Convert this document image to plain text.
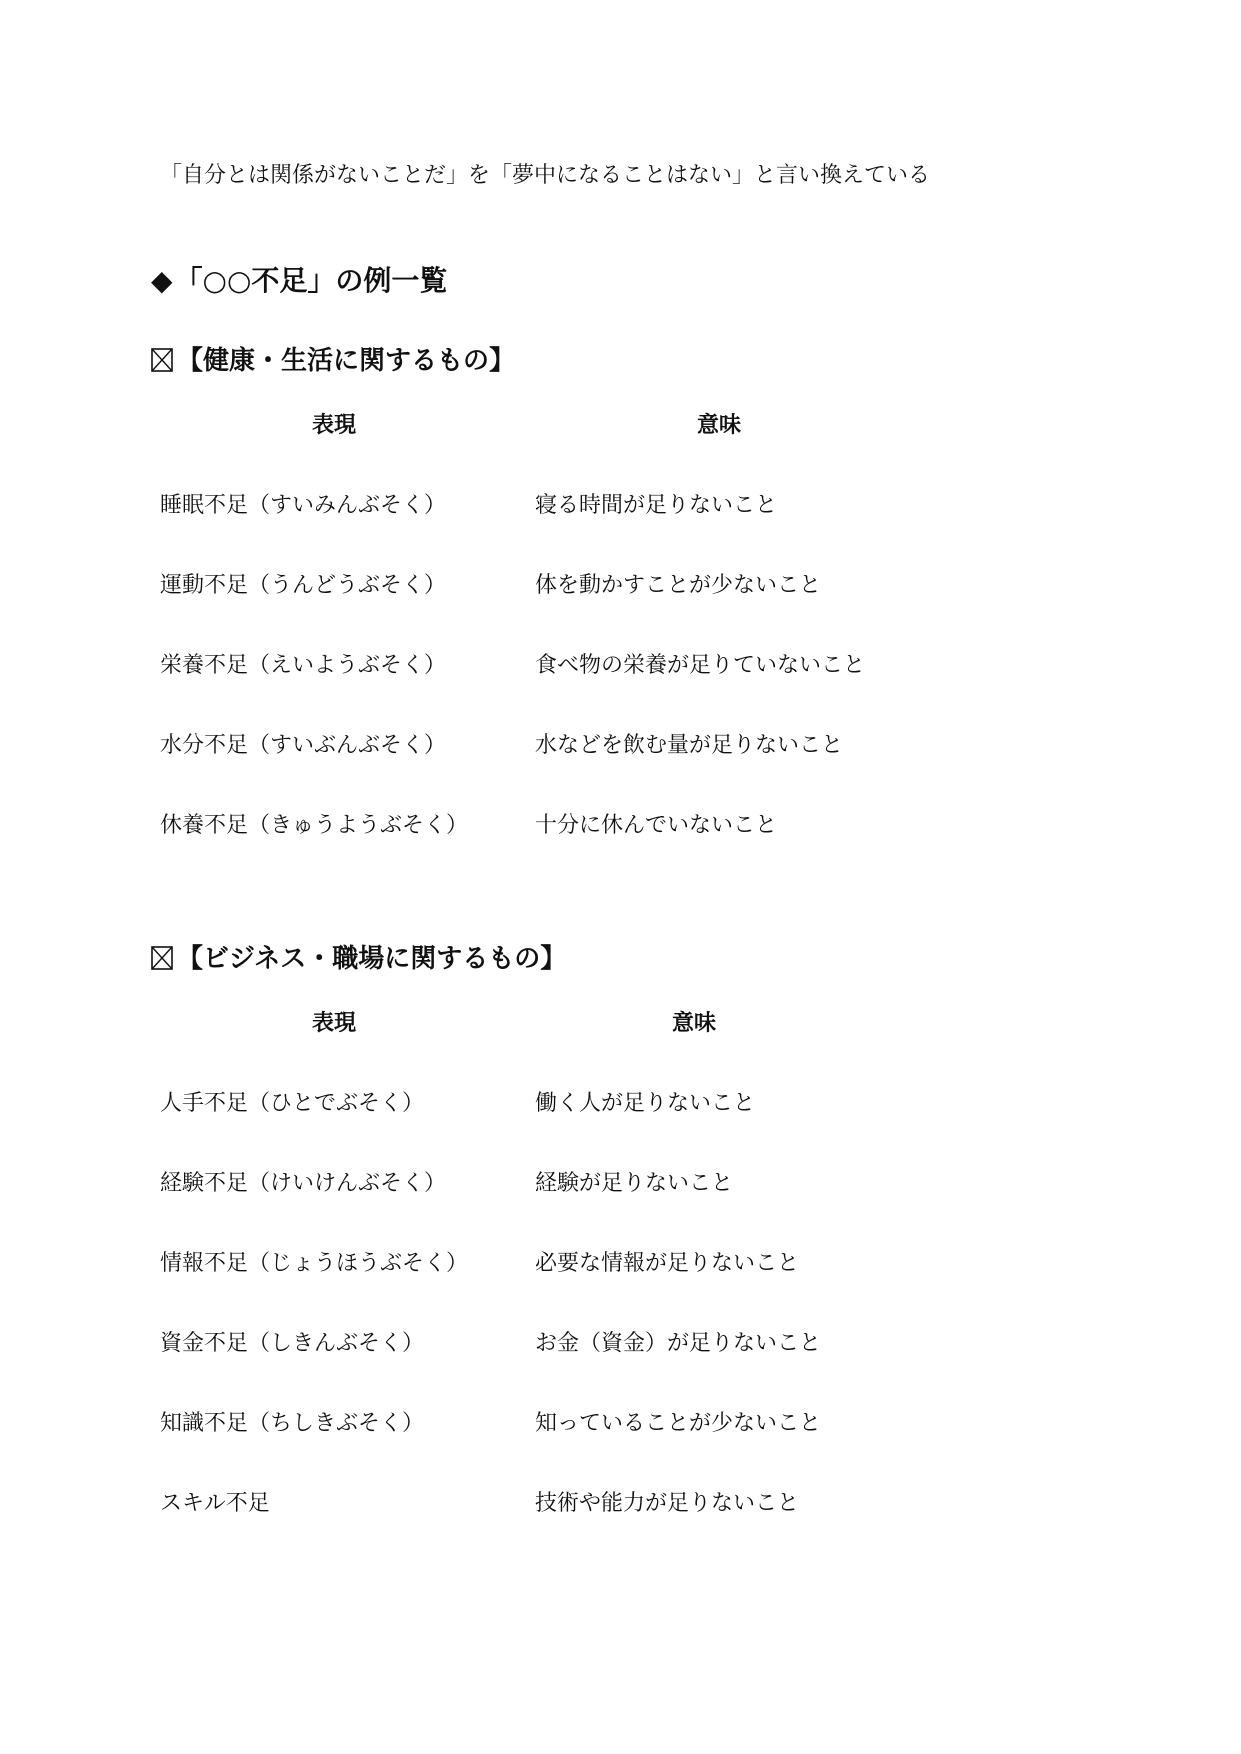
「自分とは関係がないことだ」を「夢中になることはない」と言い換えている
◆「○○不足」の例一覧
【健康・生活に関するもの】
表現	意味
睡眠不足（すいみんぶそく）	寝る時間が足りないこと
運動不足（うんどうぶそく）	体を動かすことが少ないこと
栄養不足（えいようぶそく）	食べ物の栄養が足りていないこと
水分不足（すいぶんぶそく）	水などを飲む量が足りないこと
休養不足（きゅうようぶそく）	十分に休んでいないこと
【ビジネス・職場に関するもの】
表現	意味
人手不足（ひとでぶそく）	働く人が足りないこと
経験不足（けいけんぶそく）	経験が足りないこと
情報不足（じょうほうぶそく）	必要な情報が足りないこと
資金不足（しきんぶそく）	お金（資金）が足りないこと
知識不足（ちしきぶそく）	知っていることが少ないこと
スキル不足	技術や能力が足りないこと
